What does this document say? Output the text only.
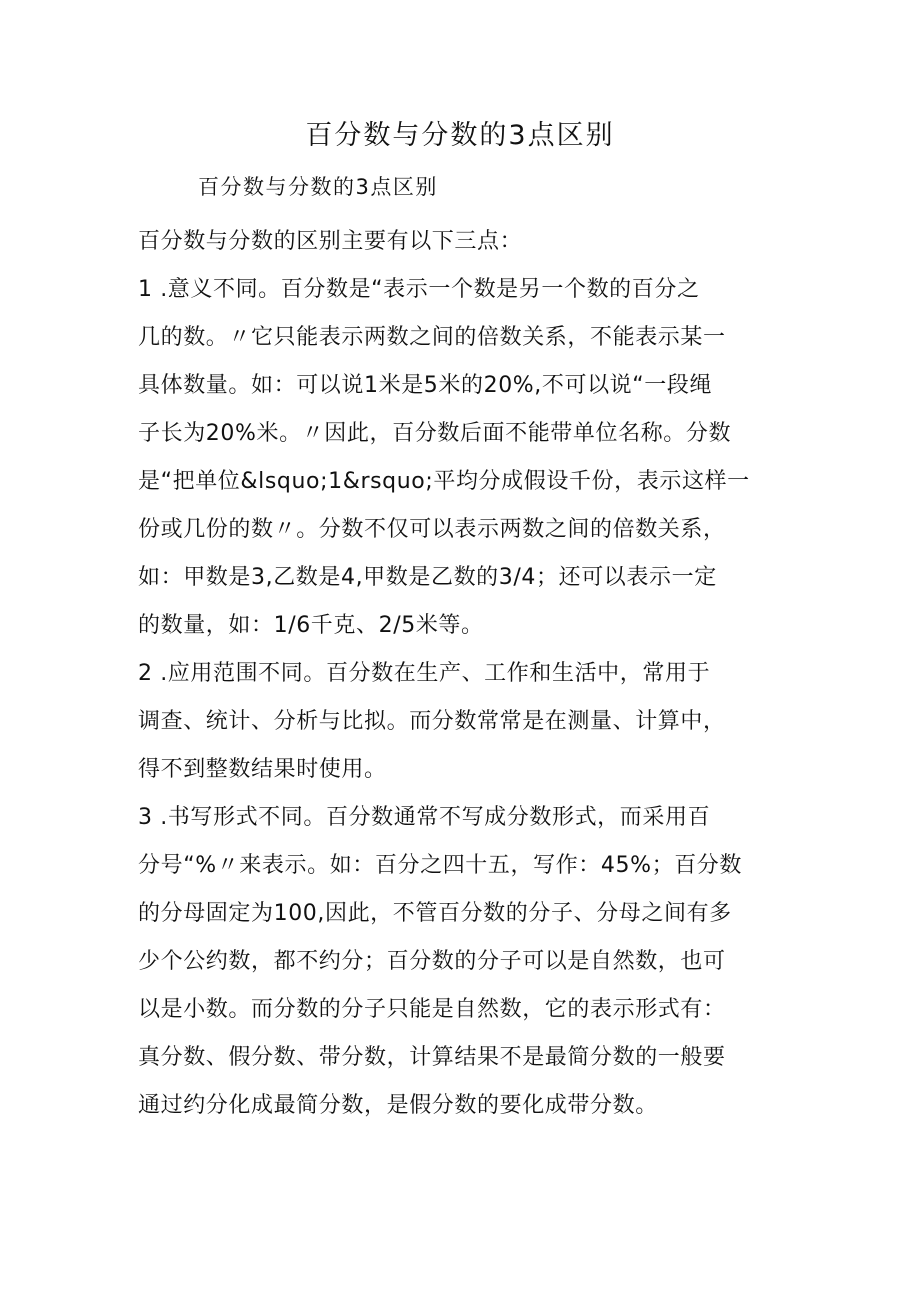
百分数与分数的3点区别
百分数与分数的3点区别
百分数与分数的区别主要有以下三点：
1 .意义不同。百分数是“表示一个数是另一个数的百分之
几的数。〃它只能表示两数之间的倍数关系，不能表示某一
具体数量。如：可以说1米是5米的20%,不可以说“一段绳
子长为20%米。〃因此，百分数后面不能带单位名称。分数
是“把单位&lsquo;1&rsquo;平均分成假设千份，表示这样一
份或几份的数〃。分数不仅可以表示两数之间的倍数关系，
如：甲数是3,乙数是4,甲数是乙数的3/4；还可以表示一定
的数量，如：1/6千克、2/5米等。
2 .应用范围不同。百分数在生产、工作和生活中，常用于
调查、统计、分析与比拟。而分数常常是在测量、计算中，
得不到整数结果时使用。
3 .书写形式不同。百分数通常不写成分数形式，而采用百
分号“%〃来表示。如：百分之四十五，写作：45%；百分数
的分母固定为100,因此，不管百分数的分子、分母之间有多
少个公约数，都不约分；百分数的分子可以是自然数，也可
以是小数。而分数的分子只能是自然数，它的表示形式有：
真分数、假分数、带分数，计算结果不是最简分数的一般要
通过约分化成最简分数，是假分数的要化成带分数。
